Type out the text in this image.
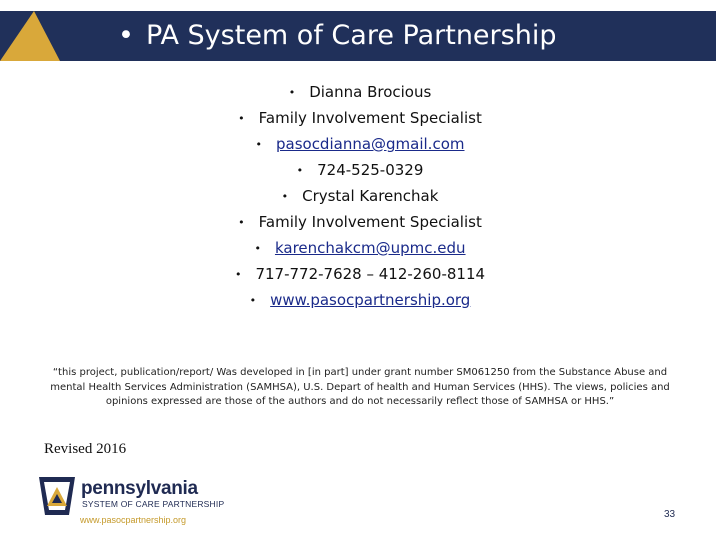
• PA System of Care Partnership
• Dianna Brocious
• Family Involvement Specialist
• pasocdianna@gmail.com
• 724-525-0329
• Crystal Karenchak
• Family Involvement Specialist
• karenchakcm@upmc.edu
• 717-772-7628 – 412-260-8114
• www.pasocpartnership.org
“this project, publication/report/ Was developed in [in part] under grant number SM061250 from the Substance Abuse and mental Health Services Administration (SAMHSA), U.S. Depart of health and Human Services (HHS). The views, policies and opinions expressed are those of the authors and do not necessarily reflect those of SAMHSA or HHS.”
Revised 2016
pennsylvania
SYSTEM OF CARE PARTNERSHIP
www.pasocpartnership.org	33
